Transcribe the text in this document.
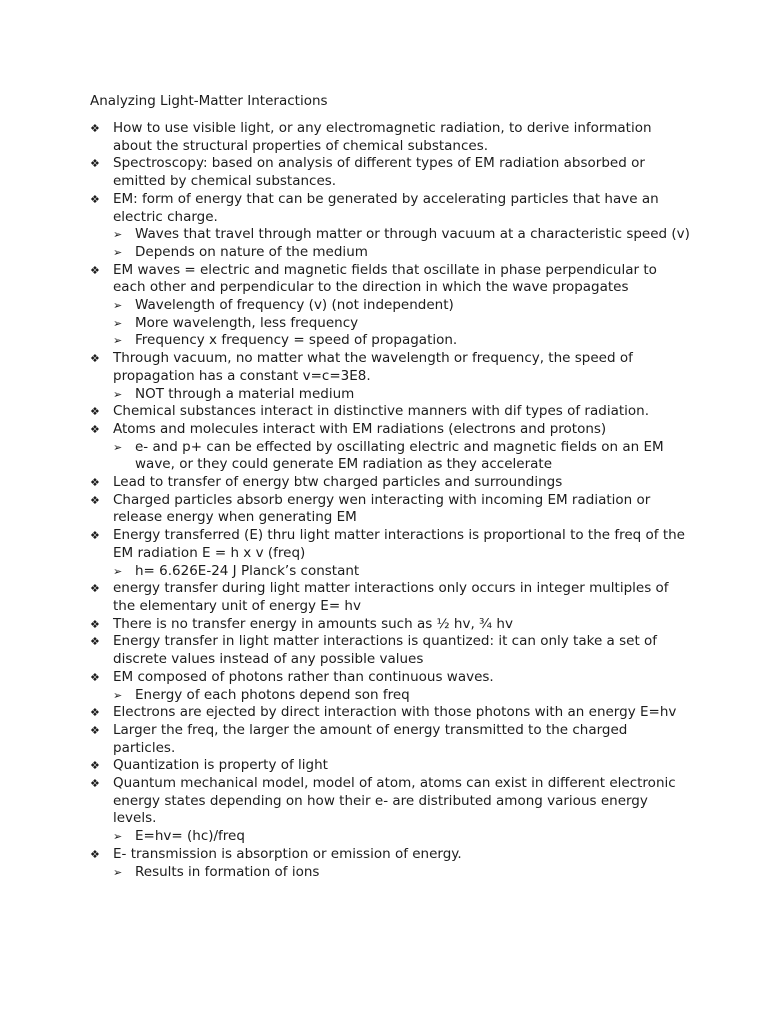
Analyzing Light-Matter Interactions
❖ How to use visible light, or any electromagnetic radiation, to derive information about the structural properties of chemical substances.
❖ Spectroscopy: based on analysis of different types of EM radiation absorbed or emitted by chemical substances.
❖ EM: form of energy that can be generated by accelerating particles that have an electric charge.
➢ Waves that travel through matter or through vacuum at a characteristic speed (v)
➢ Depends on nature of the medium
❖ EM waves = electric and magnetic fields that oscillate in phase perpendicular to each other and perpendicular to the direction in which the wave propagates
➢ Wavelength of frequency (v) (not independent)
➢ More wavelength, less frequency
➢ Frequency x frequency = speed of propagation.
❖ Through vacuum, no matter what the wavelength or frequency, the speed of propagation has a constant v=c=3E8.
➢ NOT through a material medium
❖ Chemical substances interact in distinctive manners with dif types of radiation.
❖ Atoms and molecules interact with EM radiations (electrons and protons)
➢ e- and p+ can be effected by oscillating electric and magnetic fields on an EM wave, or they could generate EM radiation as they accelerate
❖ Lead to transfer of energy btw charged particles and surroundings
❖ Charged particles absorb energy wen interacting with incoming EM radiation or release energy when generating EM
❖ Energy transferred (E) thru light matter interactions is proportional to the freq of the EM radiation E = h x v (freq)
➢ h= 6.626E-24 J Planck’s constant
❖ energy transfer during light matter interactions only occurs in integer multiples of the elementary unit of energy E= hv
❖ There is no transfer energy in amounts such as ½ hv, ¾ hv
❖ Energy transfer in light matter interactions is quantized: it can only take a set of discrete values instead of any possible values
❖ EM composed of photons rather than continuous waves.
➢ Energy of each photons depend son freq
❖ Electrons are ejected by direct interaction with those photons with an energy E=hv
❖ Larger the freq, the larger the amount of energy transmitted to the charged particles.
❖ Quantization is property of light
❖ Quantum mechanical model, model of atom, atoms can exist in different electronic energy states depending on how their e- are distributed among various energy levels.
➢ E=hv= (hc)/freq
❖ E- transmission is absorption or emission of energy.
➢ Results in formation of ions
